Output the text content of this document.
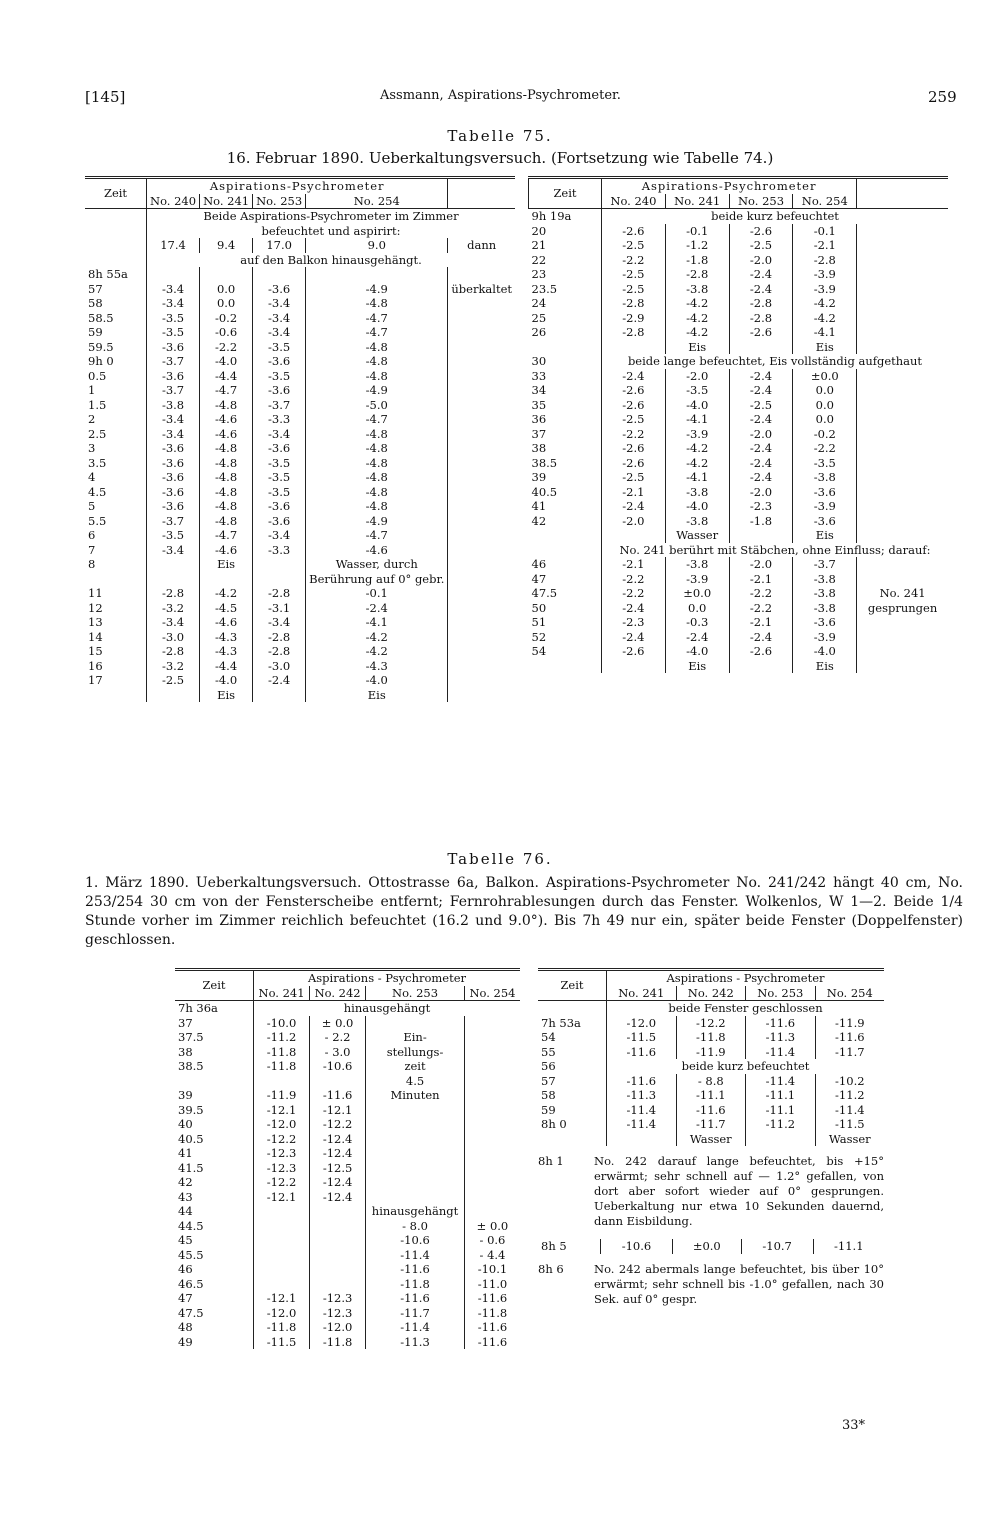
[145]	Assmann, Aspirations-Psychrometer.	259
Tabelle 75.
16. Februar 1890. Ueberkaltungsversuch. (Fortsetzung wie Tabelle 74.)
Zeit	Aspirations-Psychrometer				
	No. 240	No. 241	No. 253	No. 254	
	Beide Aspirations-Psychrometer im Zimmer				
	befeuchtet und aspirirt:				
	17.4	9.4	17.0	9.0	dann
	auf den Balkon hinausgehängt.				
8h 55a					
57	-3.4	0.0	-3.6	-4.9	überkaltet
58	-3.4	0.0	-3.4	-4.8	
58.5	-3.5	-0.2	-3.4	-4.7	
59	-3.5	-0.6	-3.4	-4.7	
59.5	-3.6	-2.2	-3.5	-4.8	
9h 0	-3.7	-4.0	-3.6	-4.8	
0.5	-3.6	-4.4	-3.5	-4.8	
1	-3.7	-4.7	-3.6	-4.9	
1.5	-3.8	-4.8	-3.7	-5.0	
2	-3.4	-4.6	-3.3	-4.7	
2.5	-3.4	-4.6	-3.4	-4.8	
3	-3.6	-4.8	-3.6	-4.8	
3.5	-3.6	-4.8	-3.5	-4.8	
4	-3.6	-4.8	-3.5	-4.8	
4.5	-3.6	-4.8	-3.5	-4.8	
5	-3.6	-4.8	-3.6	-4.8	
5.5	-3.7	-4.8	-3.6	-4.9	
6	-3.5	-4.7	-3.4	-4.7	
7	-3.4	-4.6	-3.3	-4.6	
8		Eis		Wasser, durch	
				Berührung auf 0° gebr.	
11	-2.8	-4.2	-2.8	-0.1	
12	-3.2	-4.5	-3.1	-2.4	
13	-3.4	-4.6	-3.4	-4.1	
14	-3.0	-4.3	-2.8	-4.2	
15	-2.8	-4.3	-2.8	-4.2	
16	-3.2	-4.4	-3.0	-4.3	
17	-2.5	-4.0	-2.4	-4.0	
		Eis		Eis	
Zeit	Aspirations-Psychrometer				
	No. 240	No. 241	No. 253	No. 254	
9h 19a	beide kurz befeuchtet				
20	-2.6	-0.1	-2.6	-0.1	
21	-2.5	-1.2	-2.5	-2.1	
22	-2.2	-1.8	-2.0	-2.8	
23	-2.5	-2.8	-2.4	-3.9	
23.5	-2.5	-3.8	-2.4	-3.9	
24	-2.8	-4.2	-2.8	-4.2	
25	-2.9	-4.2	-2.8	-4.2	
26	-2.8	-4.2	-2.6	-4.1	
		Eis		Eis	
30	beide lange befeuchtet, Eis vollständig aufgethaut				
33	-2.4	-2.0	-2.4	±0.0	
34	-2.6	-3.5	-2.4	0.0	
35	-2.6	-4.0	-2.5	0.0	
36	-2.5	-4.1	-2.4	0.0	
37	-2.2	-3.9	-2.0	-0.2	
38	-2.6	-4.2	-2.4	-2.2	
38.5	-2.6	-4.2	-2.4	-3.5	
39	-2.5	-4.1	-2.4	-3.8	
40.5	-2.1	-3.8	-2.0	-3.6	
41	-2.4	-4.0	-2.3	-3.9	
42	-2.0	-3.8	-1.8	-3.6	
		Wasser		Eis	
	No. 241 berührt mit Stäbchen, ohne Einfluss; darauf:				
46	-2.1	-3.8	-2.0	-3.7	
47	-2.2	-3.9	-2.1	-3.8	
47.5	-2.2	±0.0	-2.2	-3.8	No. 241
50	-2.4	0.0	-2.2	-3.8	gesprungen
51	-2.3	-0.3	-2.1	-3.6	
52	-2.4	-2.4	-2.4	-3.9	
54	-2.6	-4.0	-2.6	-4.0	
		Eis		Eis	
Tabelle 76.
1. März 1890. Ueberkaltungsversuch. Ottostrasse 6a, Balkon. Aspirations-Psychrometer No. 241/242 hängt 40 cm, No. 253/254 30 cm von der Fensterscheibe entfernt; Fernrohrablesungen durch das Fenster. Wolkenlos, W 1—2. Beide 1/4 Stunde vorher im Zimmer reichlich befeuchtet (16.2 und 9.0°). Bis 7h 49 nur ein, später beide Fenster (Doppelfenster) geschlossen.
Zeit	Aspirations - Psychrometer			
	No. 241	No. 242	No. 253	No. 254
7h 36a	hinausgehängt			
37	-10.0	± 0.0		
37.5	-11.2	- 2.2	Ein-	
38	-11.8	- 3.0	stellungs-	
38.5	-11.8	-10.6	zeit	
			4.5	
39	-11.9	-11.6	Minuten	
39.5	-12.1	-12.1		
40	-12.0	-12.2		
40.5	-12.2	-12.4		
41	-12.3	-12.4		
41.5	-12.3	-12.5		
42	-12.2	-12.4		
43	-12.1	-12.4		
44			hinausgehängt	
44.5			- 8.0	± 0.0
45			-10.6	- 0.6
45.5			-11.4	- 4.4
46			-11.6	-10.1
46.5			-11.8	-11.0
47	-12.1	-12.3	-11.6	-11.6
47.5	-12.0	-12.3	-11.7	-11.8
48	-11.8	-12.0	-11.4	-11.6
49	-11.5	-11.8	-11.3	-11.6
Zeit	Aspirations - Psychrometer			
	No. 241	No. 242	No. 253	No. 254
	beide Fenster geschlossen			
7h 53a	-12.0	-12.2	-11.6	-11.9
54	-11.5	-11.8	-11.3	-11.6
55	-11.6	-11.9	-11.4	-11.7
56	beide kurz befeuchtet			
57	-11.6	- 8.8	-11.4	-10.2
58	-11.3	-11.1	-11.1	-11.2
59	-11.4	-11.6	-11.1	-11.4
8h 0	-11.4	-11.7	-11.2	-11.5
		Wasser		Wasser
8h 1	No. 242 darauf lange befeuchtet, bis +15° erwärmt; sehr schnell auf — 1.2° gefallen, von dort aber sofort wieder auf 0° gesprungen. Ueberkaltung nur etwa 10 Sekunden dauernd, dann Eisbildung.
8h 5	-10.6	±0.0	-10.7	-11.1
8h 6	No. 242 abermals lange befeuchtet, bis über 10° erwärmt; sehr schnell bis -1.0° gefallen, nach 30 Sek. auf 0° gespr.
33*
